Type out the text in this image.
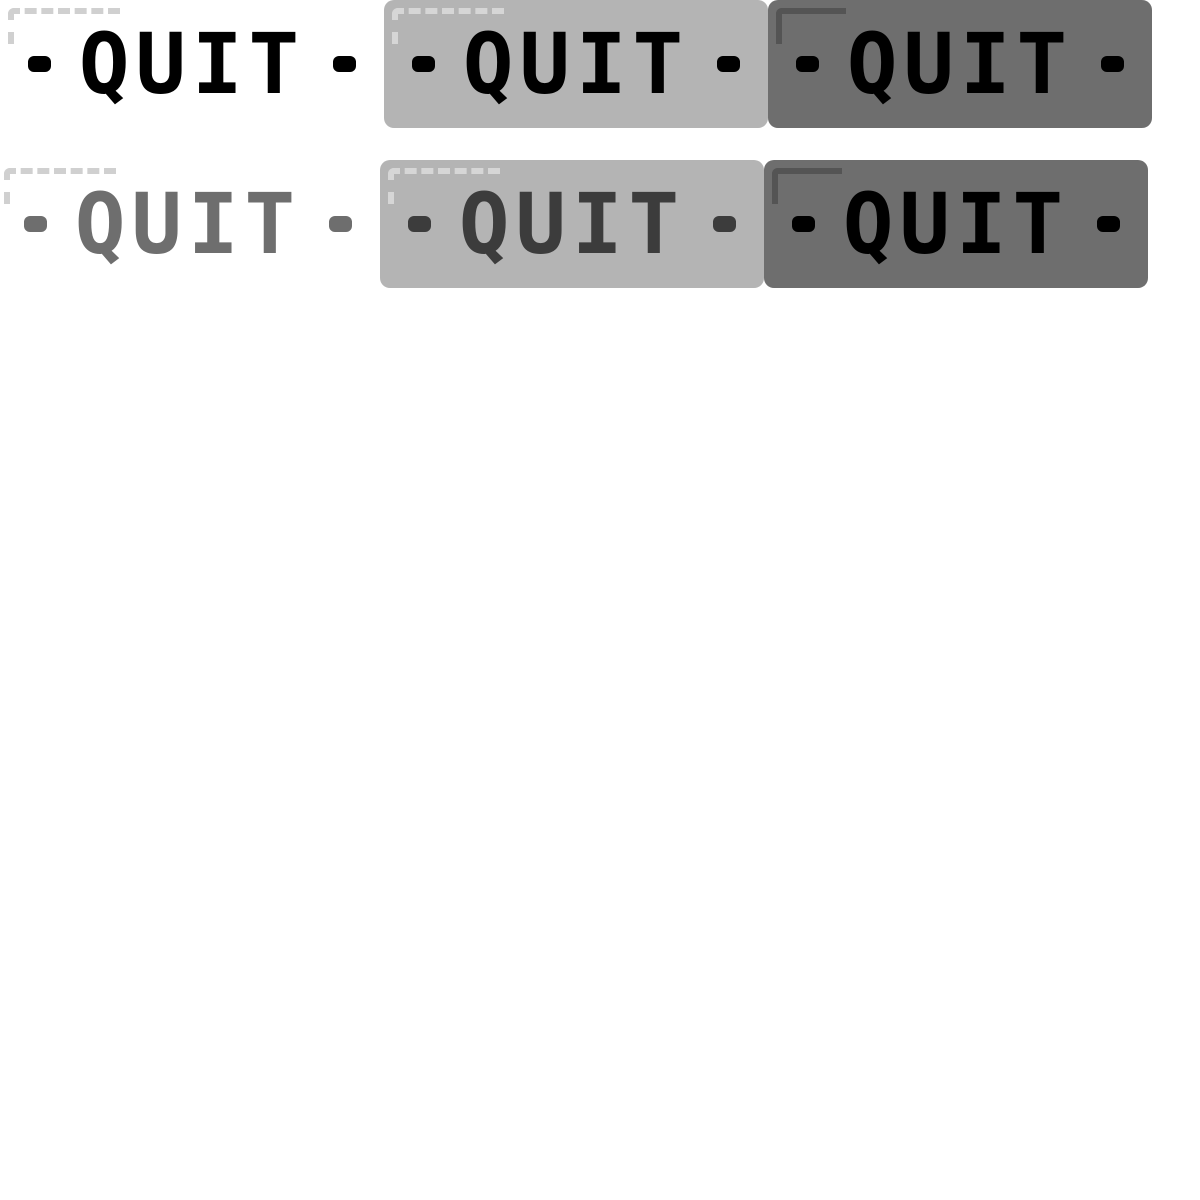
QUIT QUIT QUIT
QUIT QUIT QUIT
